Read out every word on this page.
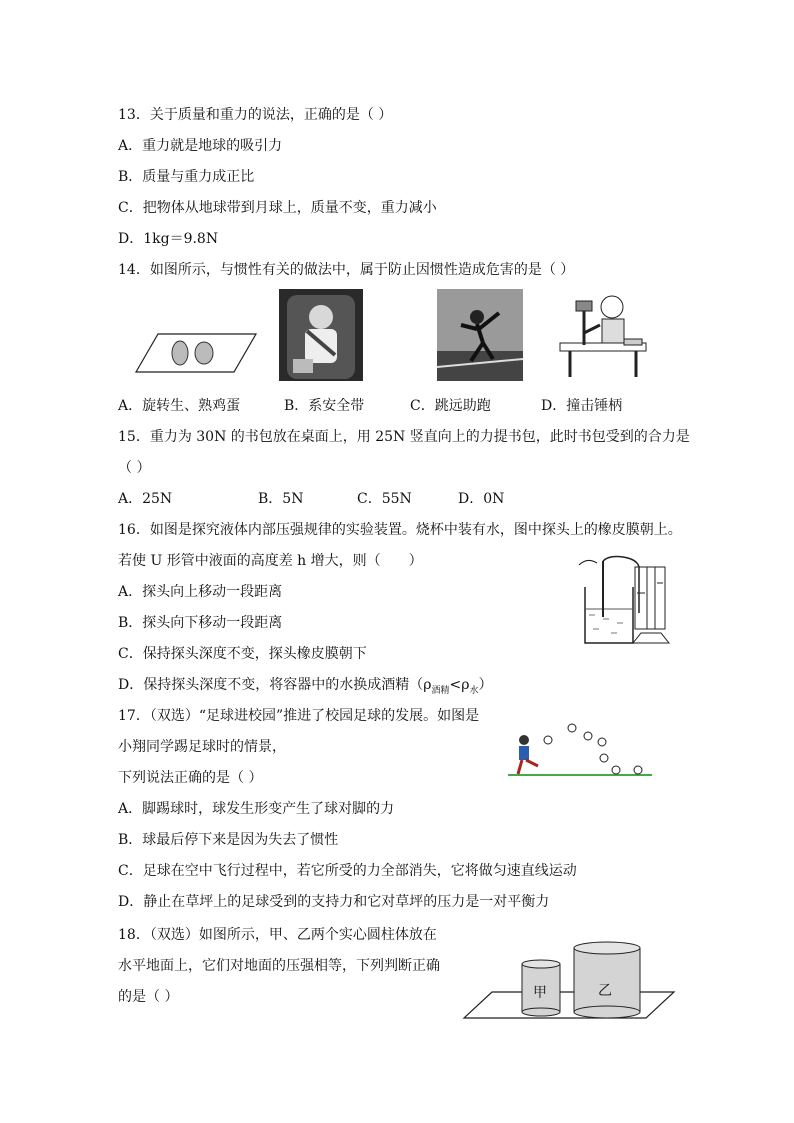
13．关于质量和重力的说法，正确的是（ ）
A．重力就是地球的吸引力
B．质量与重力成正比
C．把物体从地球带到月球上，质量不变，重力减小
D．1kg＝9.8N
14．如图所示，与惯性有关的做法中，属于防止因惯性造成危害的是（ ）
A．旋转生、熟鸡蛋	B．系安全带	C．跳远助跑	D．撞击锤柄
15．重力为 30N 的书包放在桌面上，用 25N 竖直向上的力提书包，此时书包受到的合力是
（ ）
A．25N	B．5N	C．55N	D．0N
16．如图是探究液体内部压强规律的实验装置。烧杯中装有水，图中探头上的橡皮膜朝上。
若使 U 形管中液面的高度差 h 增大，则（　　）
A．探头向上移动一段距离
B．探头向下移动一段距离
C．保持探头深度不变，探头橡皮膜朝下
D．保持探头深度不变，将容器中的水换成酒精$(\rho_{酒精}<\rho_水)$
17．（双选）“足球进校园”推进了校园足球的发展。如图是
小翔同学踢足球时的情景，
下列说法正确的是（ ）
A．脚踢球时，球发生形变产生了球对脚的力
B．球最后停下来是因为失去了惯性
C．足球在空中飞行过程中，若它所受的力全部消失，它将做匀速直线运动
D．静止在草坪上的足球受到的支持力和它对草坪的压力是一对平衡力
18．（双选）如图所示，甲、乙两个实心圆柱体放在
水平地面上，它们对地面的压强相等，下列判断正确
的是（ ）	甲	乙
